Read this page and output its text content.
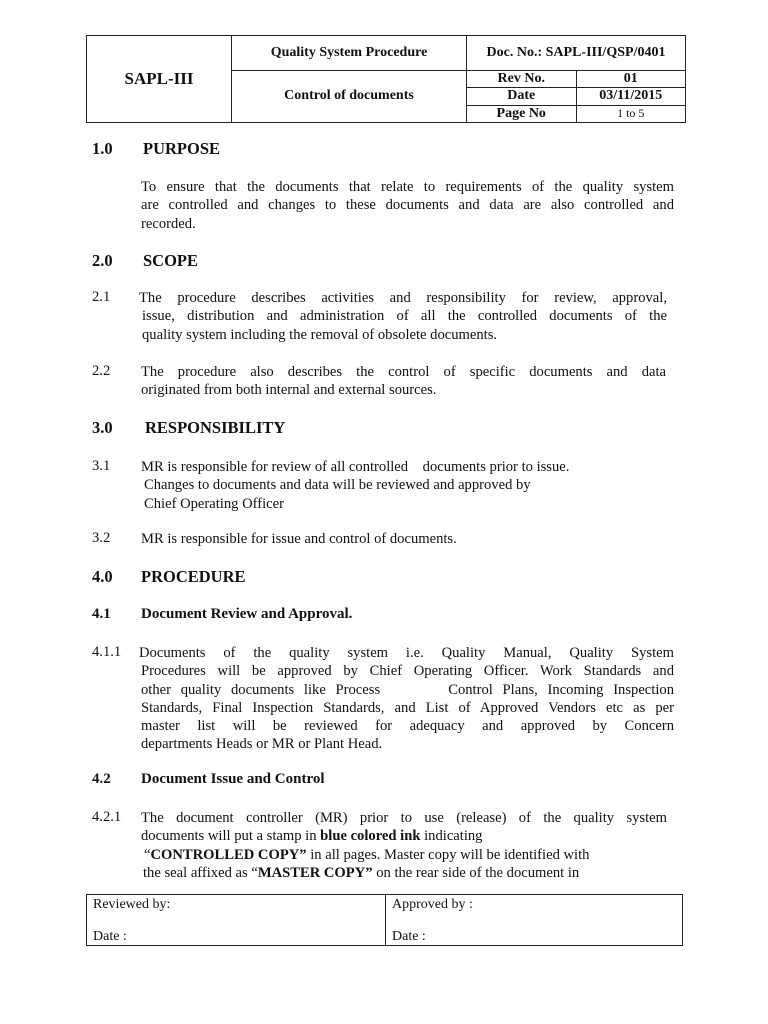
SAPL-III	Quality System Procedure	Doc. No.: SAPL-III/QSP/0401	
	Control of documents	Rev No.	01
		Date	03/11/2015
		Page No	1 to 5
1.0 PURPOSE
To ensure that the documents that relate to requirements of the quality system
are controlled and changes to these documents and data are also controlled and
recorded.
2.0 SCOPE
2.1 The procedure describes activities and responsibility for review, approval,
issue, distribution and administration of all the controlled documents of the
quality system including the removal of obsolete documents.
2.2 The procedure also describes the control of specific documents and data
originated from both internal and external sources.
3.0 RESPONSIBILITY
3.1 MR is responsible for review of all controlled    documents prior to issue.
Changes to documents and data will be reviewed and approved by
Chief Operating Officer
3.2 MR is responsible for issue and control of documents.
4.0 PROCEDURE
4.1 Document Review and Approval.
4.1.1 Documents of the quality system i.e. Quality Manual, Quality System
Procedures will be approved by Chief Operating Officer. Work Standards and
other quality documents like Process       Control Plans, Incoming Inspection
Standards, Final Inspection Standards, and List of Approved Vendors etc as per
master list will be reviewed for adequacy and approved by Concern
departments Heads or MR or Plant Head.
4.2 Document Issue and Control
4.2.1 The document controller (MR) prior to use (release) of the quality system
documents will put a stamp in blue colored ink indicating
“CONTROLLED COPY” in all pages. Master copy will be identified with
the seal affixed as “MASTER COPY” on the rear side of the document in
Reviewed by:
Date :

Approved by :
Date :
